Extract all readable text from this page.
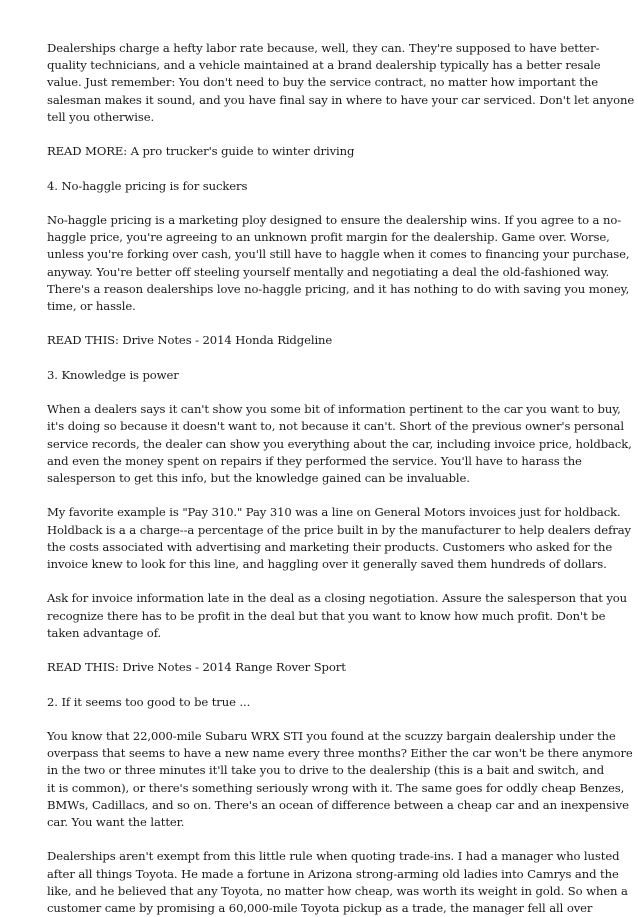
Dealerships charge a hefty labor rate because, well, they can. They're supposed to have better-
quality technicians, and a vehicle maintained at a brand dealership typically has a better resale
value. Just remember: You don't need to buy the service contract, no matter how important the
salesman makes it sound, and you have final say in where to have your car serviced. Don't let anyone
tell you otherwise.

READ MORE: A pro trucker's guide to winter driving

4. No-haggle pricing is for suckers

No-haggle pricing is a marketing ploy designed to ensure the dealership wins. If you agree to a no-
haggle price, you're agreeing to an unknown profit margin for the dealership. Game over. Worse,
unless you're forking over cash, you'll still have to haggle when it comes to financing your purchase,
anyway. You're better off steeling yourself mentally and negotiating a deal the old-fashioned way.
There's a reason dealerships love no-haggle pricing, and it has nothing to do with saving you money,
time, or hassle.

READ THIS: Drive Notes - 2014 Honda Ridgeline

3. Knowledge is power

When a dealers says it can't show you some bit of information pertinent to the car you want to buy,
it's doing so because it doesn't want to, not because it can't. Short of the previous owner's personal
service records, the dealer can show you everything about the car, including invoice price, holdback,
and even the money spent on repairs if they performed the service. You'll have to harass the
salesperson to get this info, but the knowledge gained can be invaluable.

My favorite example is "Pay 310." Pay 310 was a line on General Motors invoices just for holdback.
Holdback is a a charge--a percentage of the price built in by the manufacturer to help dealers defray
the costs associated with advertising and marketing their products. Customers who asked for the
invoice knew to look for this line, and haggling over it generally saved them hundreds of dollars.

Ask for invoice information late in the deal as a closing negotiation. Assure the salesperson that you
recognize there has to be profit in the deal but that you want to know how much profit. Don't be
taken advantage of.

READ THIS: Drive Notes - 2014 Range Rover Sport

2. If it seems too good to be true ...

You know that 22,000-mile Subaru WRX STI you found at the scuzzy bargain dealership under the
overpass that seems to have a new name every three months? Either the car won't be there anymore
in the two or three minutes it'll take you to drive to the dealership (this is a bait and switch, and
it is common), or there's something seriously wrong with it. The same goes for oddly cheap Benzes,
BMWs, Cadillacs, and so on. There's an ocean of difference between a cheap car and an inexpensive
car. You want the latter.

Dealerships aren't exempt from this little rule when quoting trade-ins. I had a manager who lusted
after all things Toyota. He made a fortune in Arizona strong-arming old ladies into Camrys and the
like, and he believed that any Toyota, no matter how cheap, was worth its weight in gold. So when a
customer came by promising a 60,000-mile Toyota pickup as a trade, the manager fell all over
